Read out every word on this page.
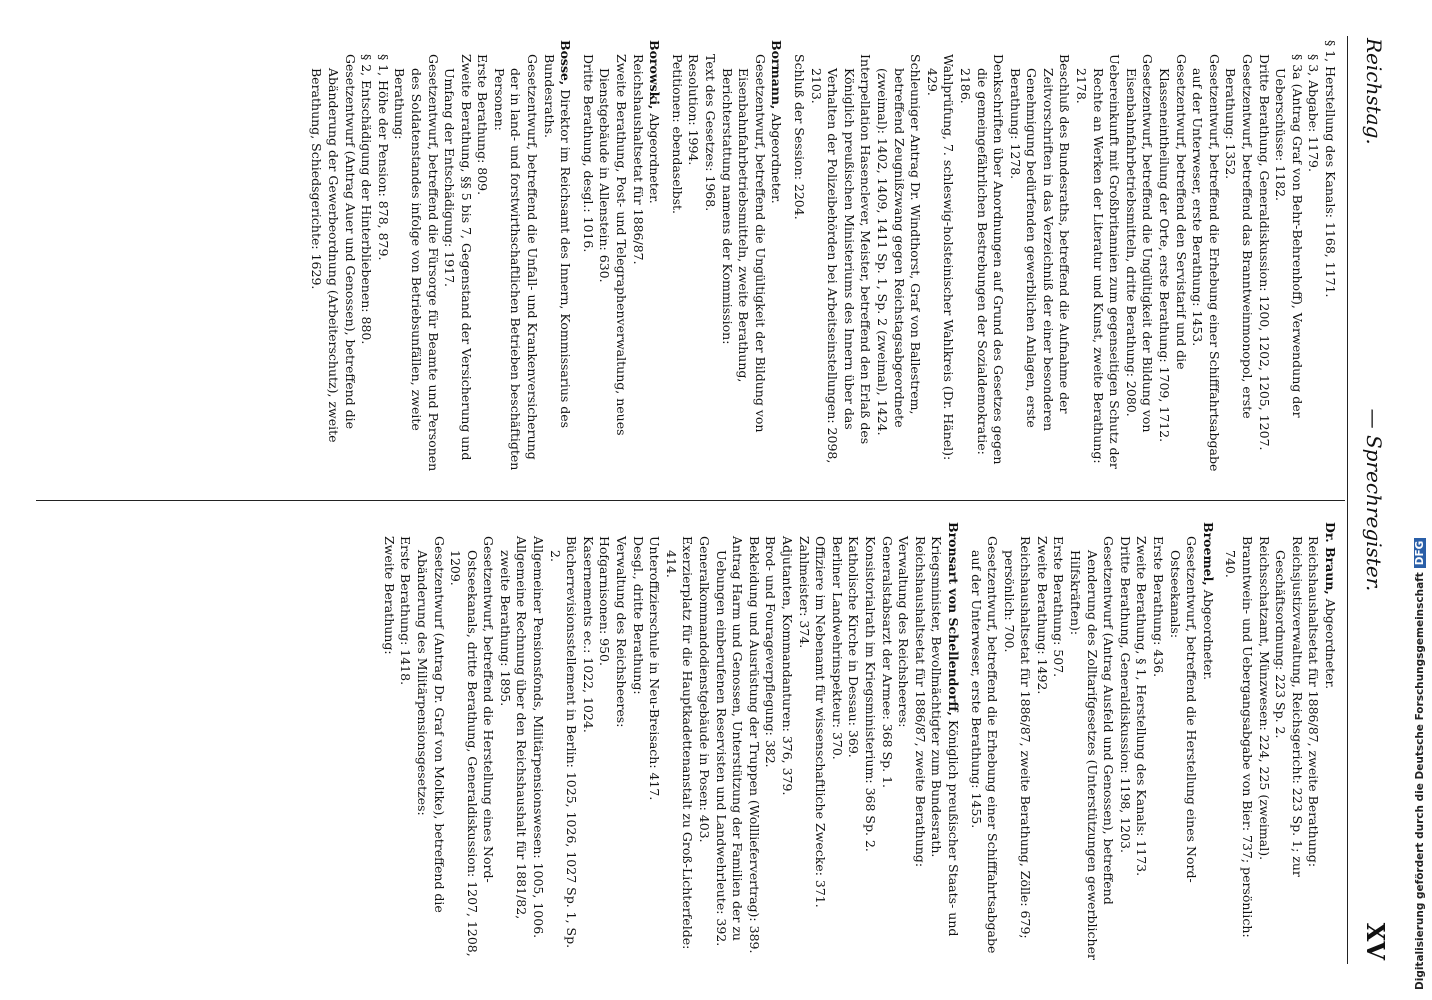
Reichstag.
— Sprechregister.
XV

§ 1, Herstellung des Kanals: 1168, 1171.

§ 3, Abgabe: 1179.

§ 3a (Antrag Graf von Behr-Behrenhoff), Verwendung der Ueberschüsse: 1182.

Dritte Berathung, Generaldiskussion: 1200, 1202, 1205, 1207.

Gesetzentwurf, betreffend das Branntweinmonopol, erste Berathung: 1352.

Gesetzentwurf, betreffend die Erhebung einer Schifffahrtsabgabe auf der Unterweser, erste Berathung: 1453.

Gesetzentwurf, betreffend den Servistarif und die Klasseneintheilung der Orte, erste Berathung: 1709, 1712.

Gesetzentwurf, betreffend die Ungültigkeit der Bildung von Eisenbahnfahrbetriebsmitteln, dritte Berathung: 2080.

Uebereinkunft mit Großbritannien zum gegenseitigen Schutz der Rechte an Werken der Literatur und Kunst, zweite Berathung: 2178.

Beschluß des Bundesraths, betreffend die Aufnahme der Zeitvorschriften in das Verzeichniß der einer besonderen Genehmigung bedürfenden gewerblichen Anlagen, erste Berathung: 1278.

Denkschriften über Anordnungen auf Grund des Gesetzes gegen die gemeingefährlichen Bestrebungen der Sozialdemokratie: 2186.

Wahlprüfung, 7. schleswig-holsteinischer Wahlkreis (Dr. Hänel): 429.

Schleuniger Antrag Dr. Windthorst, Graf von Ballestrem, betreffend Zeugnißzwang gegen Reichstagsabgeordnete (zweimal): 1402, 1409, 1411 Sp. 1, Sp. 2 (zweimal), 1424.

Interpellation Hasenclever, Meister, betreffend den Erlaß des Königlich preußischen Ministeriums des Innern über das Verhalten der Polizeibehörden bei Arbeitseinstellungen: 2098, 2103.

Schluß der Session: 2204.

Bormann, Abgeordneter.

Gesetzentwurf, betreffend die Ungültigkeit der Bildung von Eisenbahnfahrbetriebsmitteln, zweite Berathung, Berichterstattung namens der Kommission:

Text des Gesetzes: 1968.

Resolution: 1994.

Petitionen: ebendaselbst.

Borowski, Abgeordneter.

Reichshaushaltsetat für 1886/87.

Zweite Berathung, Post- und Telegraphenverwaltung, neues Dienstgebäude in Allenstein: 630.

Dritte Berathung, desgl.: 1016.

Bosse, Direktor im Reichsamt des Innern, Kommissarius des Bundesraths.

Gesetzentwurf, betreffend die Unfall- und Krankenversicherung der in land- und forstwirthschaftlichen Betrieben beschäftigten Personen:

Erste Berathung: 809.

Zweite Berathung, §§ 5 bis 7, Gegenstand der Versicherung und Umfang der Entschädigung: 1917.

Gesetzentwurf, betreffend die Fürsorge für Beamte und Personen des Soldatenstandes infolge von Betriebsunfällen, zweite Berathung:

§ 1, Höhe der Pension: 878, 879.

§ 2, Entschädigung der Hinterbliebenen: 880.

Gesetzentwurf (Antrag Auer und Genossen), betreffend die Abänderung der Gewerbeordnung (Arbeiterschutz), zweite Berathung, Schiedsgerichte: 1629.

Dr. Braun, Abgeordneter.

Reichshaushaltsetat für 1886/87, zweite Berathung:

Reichsjustizverwaltung, Reichsgericht: 223 Sp. 1; zur Geschäftsordnung: 223 Sp. 2.

Reichsschatzamt, Münzwesen: 224, 225 (zweimal).

Branntwein- und Uebergangsabgabe von Bier: 737; persönlich: 740.

Broemel, Abgeordneter.

Gesetzentwurf, betreffend die Herstellung eines Nord-Ostseekanals:

Erste Berathung: 436.

Zweite Berathung, § 1, Herstellung des Kanals: 1173.

Dritte Berathung, Generaldiskussion: 1198, 1203.

Gesetzentwurf (Antrag Ausfeld und Genossen), betreffend Aenderung des Zolltarifgesetzes (Unterstützungen gewerblicher Hilfskräften):

Erste Berathung: 507.

Zweite Berathung: 1492.

Reichshaushaltsetat für 1886/87, zweite Berathung, Zölle: 679; persönlich: 700.

Gesetzentwurf, betreffend die Erhebung einer Schifffahrtsabgabe auf der Unterweser, erste Berathung: 1455.

Bronsart von Schellendorff, Königlich preußischer Staats- und Kriegsminister, Bevollmächtigter zum Bundesrath.

Reichshaushaltsetat für 1886/87, zweite Berathung:

Verwaltung des Reichsheeres:

Generalstabsarzt der Armee: 368 Sp. 1.

Konsistorialrath im Kriegsministerium: 368 Sp. 2.

Katholische Kirche in Dessau: 369.

Berliner Landwehrinspekteur: 370.

Offiziere im Nebenamt für wissenschaftliche Zwecke: 371.

Zahlmeister: 374.

Adjutanten, Kommandanturen: 376, 379.

Brod- und Fourageverpflegung: 382.

Bekleidung und Ausrüstung der Truppen (Wollliefervertrag): 389.

Antrag Harm und Genossen, Unterstützung der Familien der zu Uebungen einberufenen Reservisten und Landwehrleute: 392.

Generalkommandodienstgebäude in Posen: 403.

Exerzierplatz für die Hauptkadettenanstalt zu Groß-Lichterfelde: 414.

Unteroffizierschule in Neu-Breisach: 417.

Desgl., dritte Berathung:

Verwaltung des Reichsheeres:

Hofgarnisonen: 950.

Kasernements ec.: 1022, 1024.

Bücherrevisionsstellement in Berlin: 1025, 1026, 1027 Sp. 1, Sp. 2.

Allgemeiner Pensionsfonds, Militärpensionswesen: 1005, 1006.

Allgemeine Rechnung über den Reichshaushalt für 1881/82, zweite Berathung: 1895.

Gesetzentwurf, betreffend die Herstellung eines Nord-Ostseekanals, dritte Berathung, Generaldiskussion: 1207, 1208, 1209.

Gesetzentwurf (Antrag Dr. Graf von Moltke), betreffend die Abänderung des Militärpensionsgesetzes:

Erste Berathung: 1418.

Zweite Berathung:	Digitalisierung gefördert durch die Deutsche ForschungsgemeinschaftDFG
